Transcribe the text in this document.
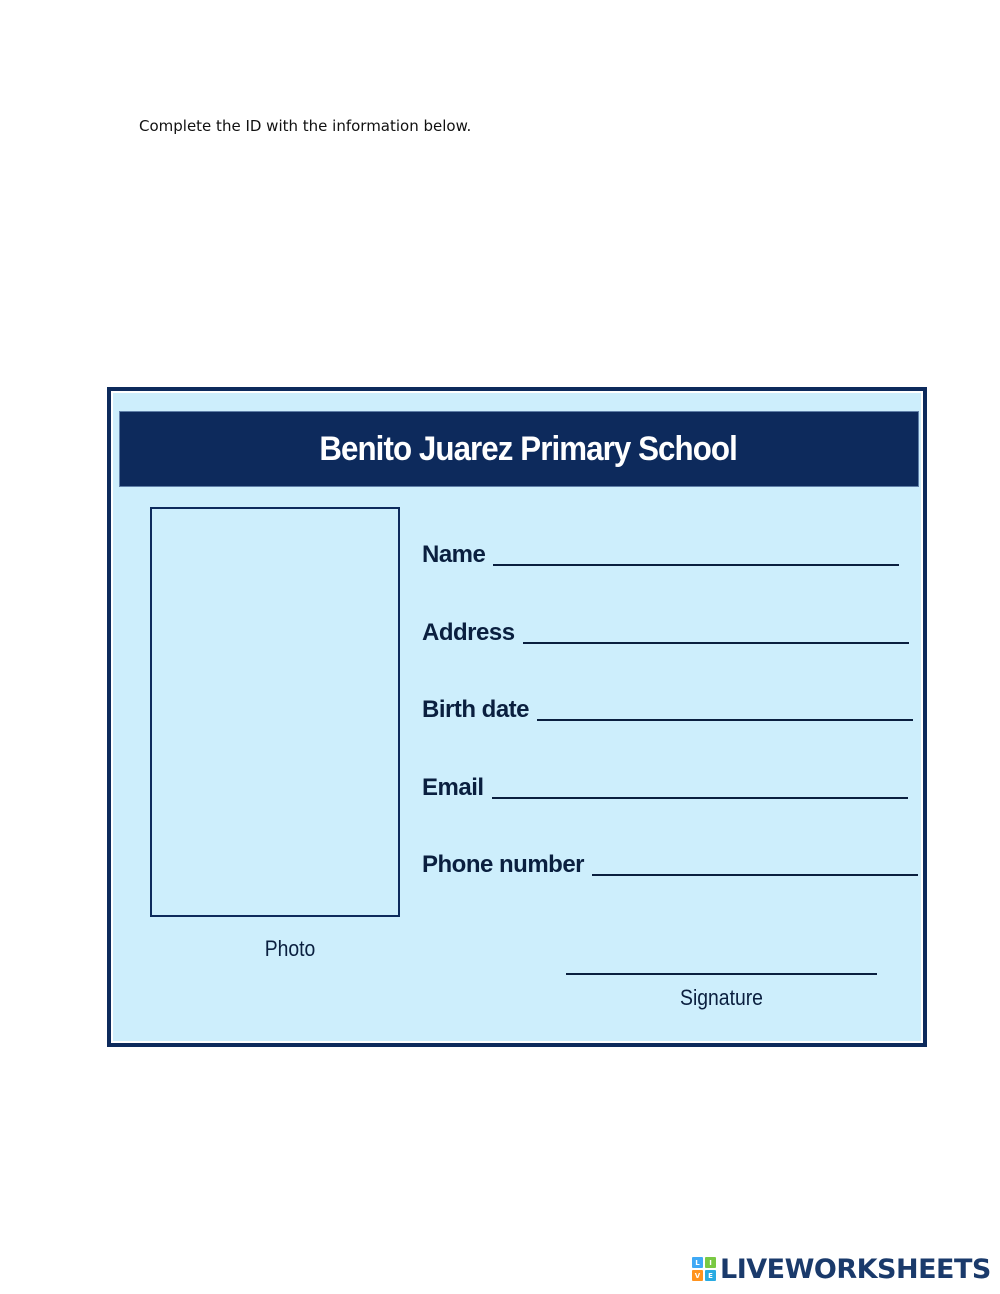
Complete the ID with the information below.
Benito Juarez Primary School
Photo
Name
Address
Birth date
Email
Phone number
Signature
L	I
V	E LIVEWORKSHEETS
